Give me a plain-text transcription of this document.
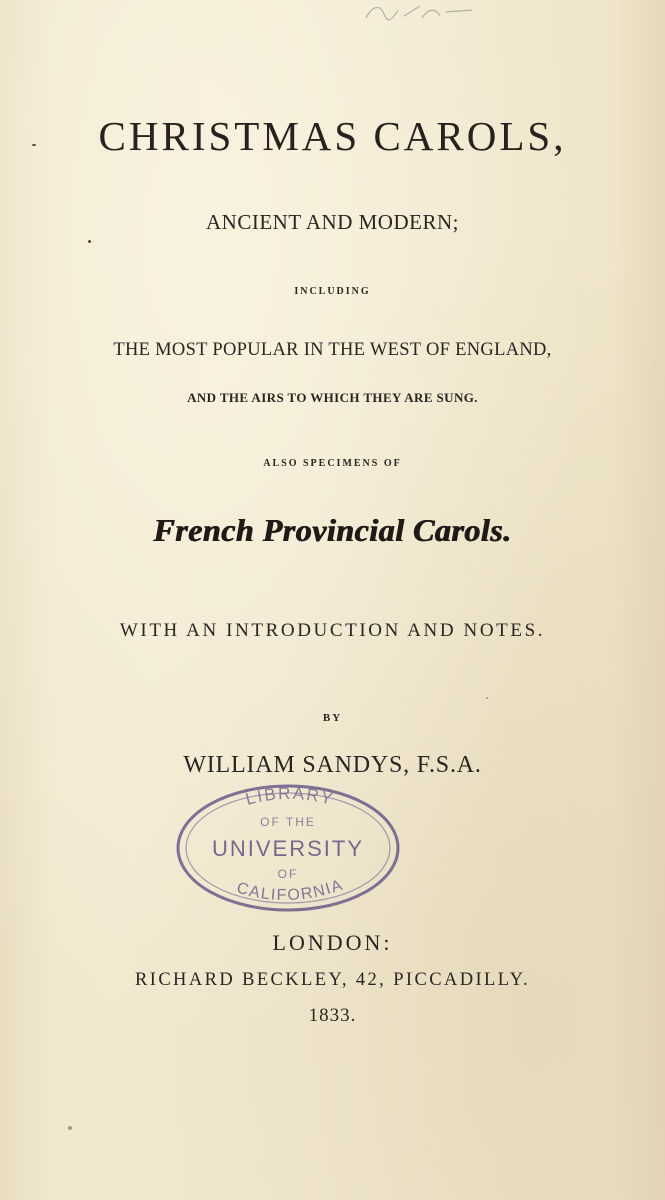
CHRISTMAS CAROLS,

ANCIENT AND MODERN;

INCLUDING

THE MOST POPULAR IN THE WEST OF ENGLAND,

AND THE AIRS TO WHICH THEY ARE SUNG.

ALSO SPECIMENS OF

French Provincial Carols.

WITH AN INTRODUCTION AND NOTES.

BY

WILLIAM SANDYS, F.S.A.

LIBRARY
OF THE
UNIVERSITY
OF
CALIFORNIA

LONDON:

RICHARD BECKLEY, 42, PICCADILLY.

1833.
